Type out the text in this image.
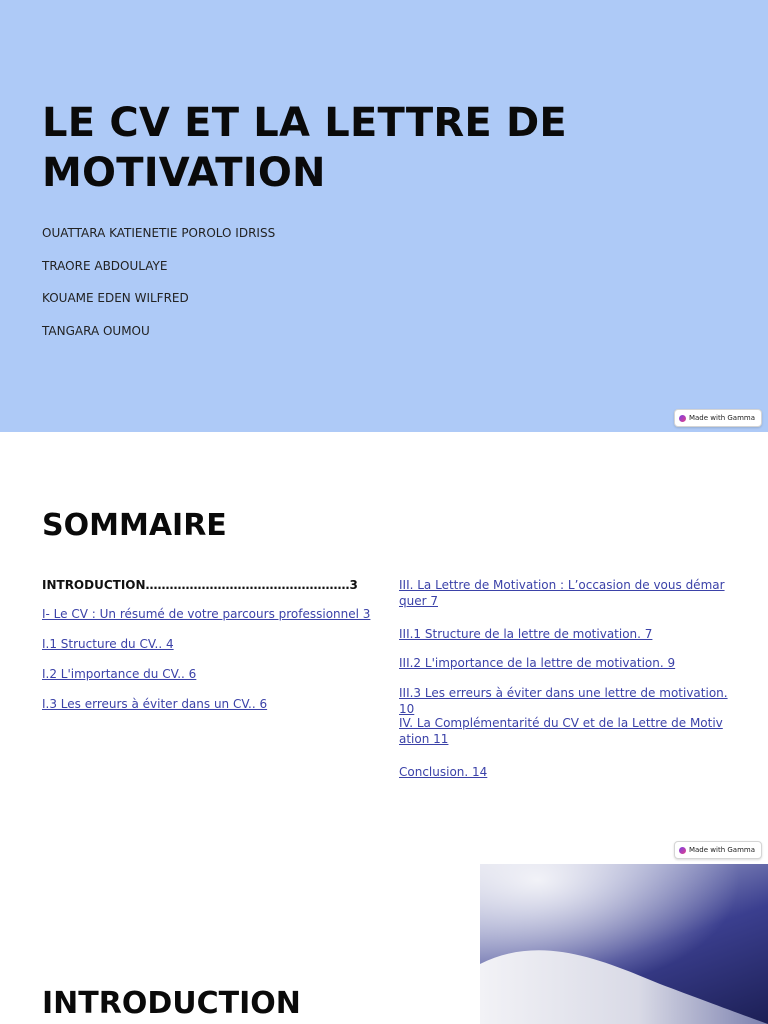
LE CV ET LA LETTRE DE
MOTIVATION

OUATTARA KATIENETIE POROLO IDRISS

TRAORE ABDOULAYE

KOUAME EDEN WILFRED

TANGARA OUMOU

Made with Gamma
SOMMAIRE
INTRODUCTION……………………………………………3
I- Le CV : Un résumé de votre parcours professionnel 3
I.1 Structure du CV.. 4
I.2 L'importance du CV.. 6
I.3 Les erreurs à éviter dans un CV.. 6
III. La Lettre de Motivation : L’occasion de vous démarquer 7
III.1 Structure de la lettre de motivation. 7
III.2 L'importance de la lettre de motivation. 9
III.3 Les erreurs à éviter dans une lettre de motivation. 10
IV. La Complémentarité du CV et de la Lettre de Motivation 11
Conclusion. 14
Made with Gamma
INTRODUCTION
